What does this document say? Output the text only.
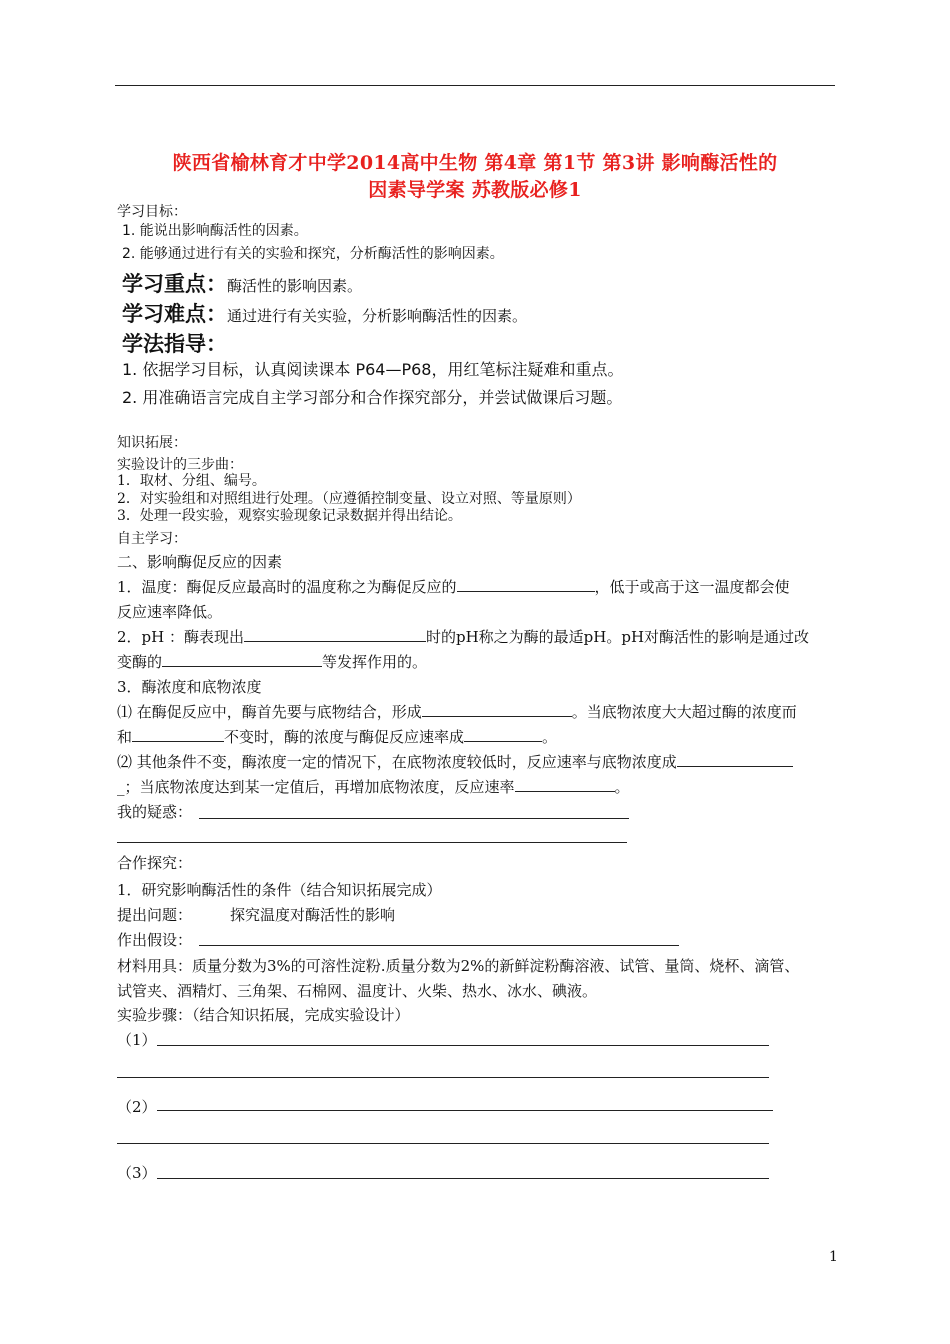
陕西省榆林育才中学2014高中生物 第4章 第1节 第3讲 影响酶活性的
因素导学案 苏教版必修1
学习目标：
1. 能说出影响酶活性的因素。
2. 能够通过进行有关的实验和探究，分析酶活性的影响因素。
学习重点：酶活性的影响因素。
学习难点：通过进行有关实验，分析影响酶活性的因素。
学法指导：
1. 依据学习目标，认真阅读课本 P64—P68，用红笔标注疑难和重点。
2. 用准确语言完成自主学习部分和合作探究部分，并尝试做课后习题。
知识拓展：
实验设计的三步曲：
1．取材、分组、编号。
2．对实验组和对照组进行处理。（应遵循控制变量、设立对照、等量原则）
3．处理一段实验，观察实验现象记录数据并得出结论。
自主学习：
二、影响酶促反应的因素
1．温度：酶促反应最高时的温度称之为酶促反应的	，低于或高于这一温度都会使
反应速率降低。
2．pH ：酶表现出	时的pH称之为酶的最适pH。pH对酶活性的影响是通过改
变酶的	等发挥作用的。
3．酶浓度和底物浓度
⑴ 在酶促反应中，酶首先要与底物结合，形成	。当底物浓度大大超过酶的浓度而
和	不变时，酶的浓度与酶促反应速率成	。
⑵ 其他条件不变，酶浓度一定的情况下，在底物浓度较低时，反应速率与底物浓度成
_；当底物浓度达到某一定值后，再增加底物浓度，反应速率	。
我的疑惑：
合作探究：
1．研究影响酶活性的条件（结合知识拓展完成）
提出问题：	探究温度对酶活性的影响
作出假设：
材料用具：质量分数为3%的可溶性淀粉.质量分数为2%的新鲜淀粉酶溶液、试管、量筒、烧杯、滴管、
试管夹、酒精灯、三角架、石棉网、温度计、火柴、热水、冰水、碘液。
实验步骤：（结合知识拓展，完成实验设计）
（1）
（2）
（3）
1
